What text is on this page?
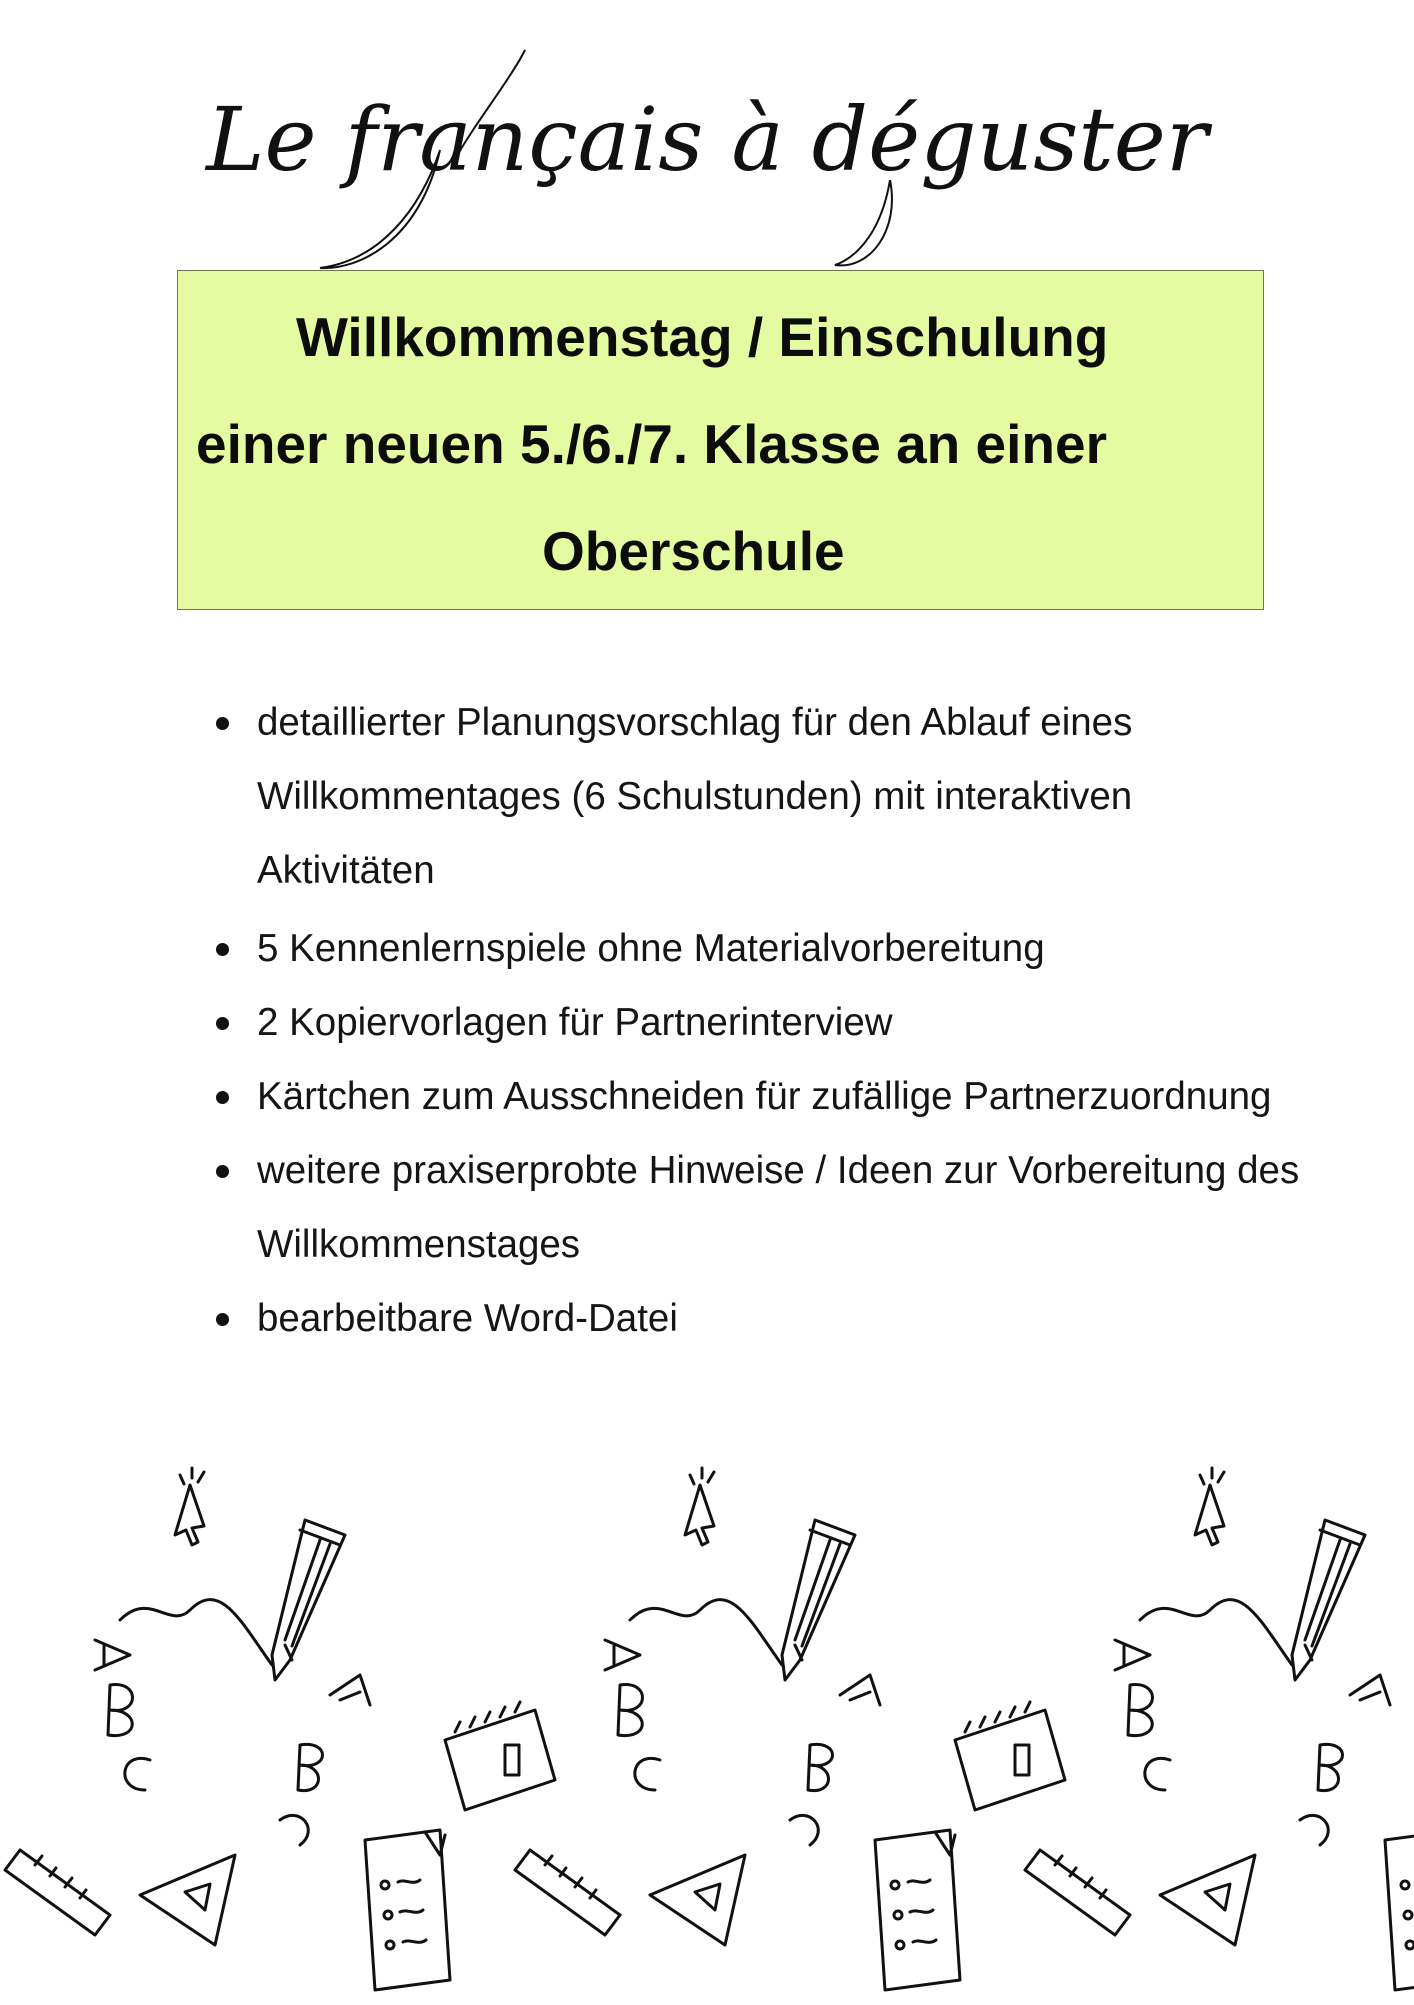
Le français à déguster
Willkommenstag / Einschulung
einer neuen 5./6./7. Klasse an einer
Oberschule
detaillierter Planungsvorschlag für den Ablauf eines Willkommentages (6 Schulstunden) mit interaktiven Aktivitäten
5 Kennenlernspiele ohne Materialvorbereitung
2 Kopiervorlagen für Partnerinterview
Kärtchen zum Ausschneiden für zufällige Partnerzuordnung
weitere praxiserprobte Hinweise / Ideen zur Vorbereitung des Willkommenstages
bearbeitbare Word-Datei
